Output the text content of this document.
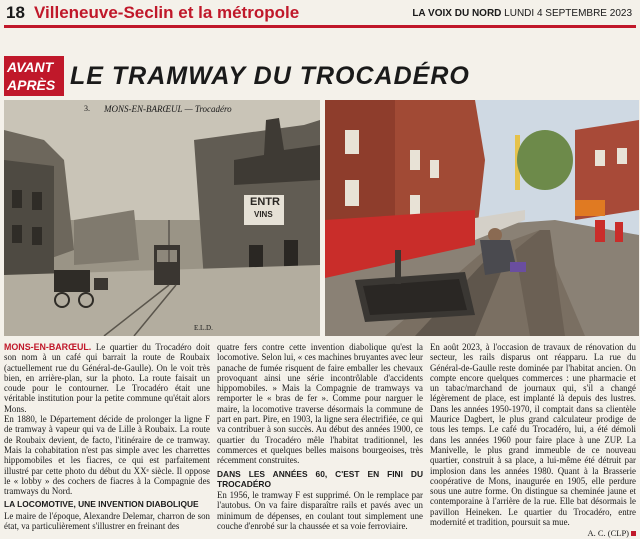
18 Villeneuve-Seclin et la métropole	LA VOIX DU NORD LUNDI 4 SEPTEMBRE 2023
AVANT
APRÈS LE TRAMWAY DU TROCADÉRO
3. MONS-EN-BARŒUL — Trocadéro
ENTR
VINS
E.L.D.

MONS-EN-BARŒUL. Le quartier du Trocadéro doit son nom à un café qui barrait la route de Roubaix (actuellement rue du Général-de-Gaulle). On le voit très bien, en arrière-plan, sur la photo. La route faisait un coude pour le contourner. Le Trocadéro était une véritable institution pour la petite commune qu'était alors Mons.

En 1880, le Département décide de prolonger la ligne F de tramway à vapeur qui va de Lille à Roubaix. La route de Roubaix devient, de facto, l'itinéraire de ce tramway. Mais la cohabitation n'est pas simple avec les charrettes hippomobiles et les fiacres, ce qui est parfaitement illustré par cette photo du début du XXᵉ siècle. Il oppose le « lobby » des cochers de fiacres à la Compagnie des tramways du Nord.

LA LOCOMOTIVE, UNE INVENTION DIABOLIQUE

Le maire de l'époque, Alexandre Delemar, charron de son état, va particulièrement s'illustrer en freinant des

quatre fers contre cette invention diabolique qu'est la locomotive. Selon lui, « ces machines bruyantes avec leur panache de fumée risquent de faire emballer les chevaux provoquant ainsi une série incontrôlable d'accidents hippomobiles. » Mais la Compagnie de tramways va remporter le « bras de fer ». Comme pour narguer le maire, la locomotive traverse désormais la commune de part en part. Pire, en 1903, la ligne sera électrifiée, ce qui va contribuer à son succès. Au début des années 1900, ce quartier du Trocadéro mêle l'habitat traditionnel, les commerces et quelques belles maisons bourgeoises, très récemment construites.

DANS LES ANNÉES 60, C'EST EN FINI DU TROCADÉRO

En 1956, le tramway F est supprimé. On le remplace par l'autobus. On va faire disparaître rails et pavés avec un minimum de dépenses, en coulant tout simplement une couche d'enrobé sur la chaussée et sa voie ferroviaire.

En août 2023, à l'occasion de travaux de rénovation du secteur, les rails disparus ont réapparu. La rue du Général-de-Gaulle reste dominée par l'habitat ancien. On compte encore quelques commerces : une pharmacie et un tabac/marchand de journaux qui, s'il a changé légèrement de place, est implanté là depuis des lustres. Dans les années 1950-1970, il comptait dans sa clientèle Maurice Dagbert, le plus grand calculateur prodige de tous les temps. Le café du Trocadéro, lui, a été démoli dans les années 1960 pour faire place à une ZUP. La Manivelle, le plus grand immeuble de ce nouveau quartier, construit à sa place, a lui-même été détruit par implosion dans les années 1980. Quant à la Brasserie coopérative de Mons, inaugurée en 1905, elle perdure sous une autre forme. On distingue sa cheminée jaune et contemporaine à l'arrière de la rue. Elle bat désormais le pavillon Heineken. Le quartier du Trocadéro, entre modernité et tradition, poursuit sa mue.

A. C. (CLP)
